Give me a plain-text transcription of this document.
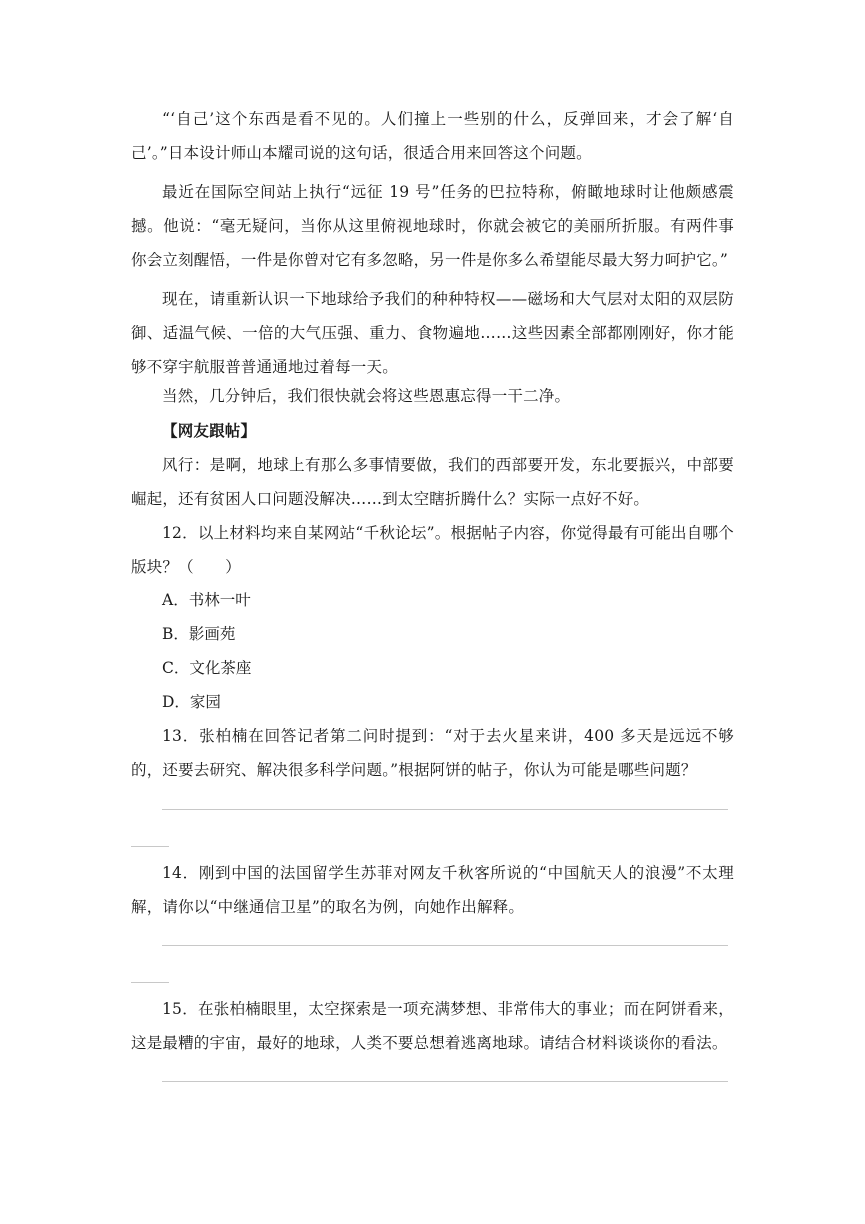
“‘自己’这个东西是看不见的。人们撞上一些别的什么，反弹回来，才会了解‘自己’。”日本设计师山本耀司说的这句话，很适合用来回答这个问题。

最近在国际空间站上执行“远征 19 号”任务的巴拉特称，俯瞰地球时让他颇感震撼。他说：“毫无疑问，当你从这里俯视地球时，你就会被它的美丽所折服。有两件事你会立刻醒悟，一件是你曾对它有多忽略，另一件是你多么希望能尽最大努力呵护它。”

现在，请重新认识一下地球给予我们的种种特权——磁场和大气层对太阳的双层防御、适温气候、一倍的大气压强、重力、食物遍地……这些因素全部都刚刚好，你才能够不穿宇航服普普通通地过着每一天。

当然，几分钟后，我们很快就会将这些恩惠忘得一干二净。

【网友跟帖】

风行：是啊，地球上有那么多事情要做，我们的西部要开发，东北要振兴，中部要崛起，还有贫困人口问题没解决……到太空瞎折腾什么？实际一点好不好。

12．以上材料均来自某网站“千秋论坛”。根据帖子内容，你觉得最有可能出自哪个版块？（　　）

A．书林一叶

B．影画苑

C．文化茶座

D．家园

13．张柏楠在回答记者第二问时提到：“对于去火星来讲，400 多天是远远不够的，还要去研究、解决很多科学问题。”根据阿饼的帖子，你认为可能是哪些问题？

14．刚到中国的法国留学生苏菲对网友千秋客所说的“中国航天人的浪漫”不太理解，请你以“中继通信卫星”的取名为例，向她作出解释。

15．在张柏楠眼里，太空探索是一项充满梦想、非常伟大的事业；而在阿饼看来，这是最糟的宇宙，最好的地球，人类不要总想着逃离地球。请结合材料谈谈你的看法。
